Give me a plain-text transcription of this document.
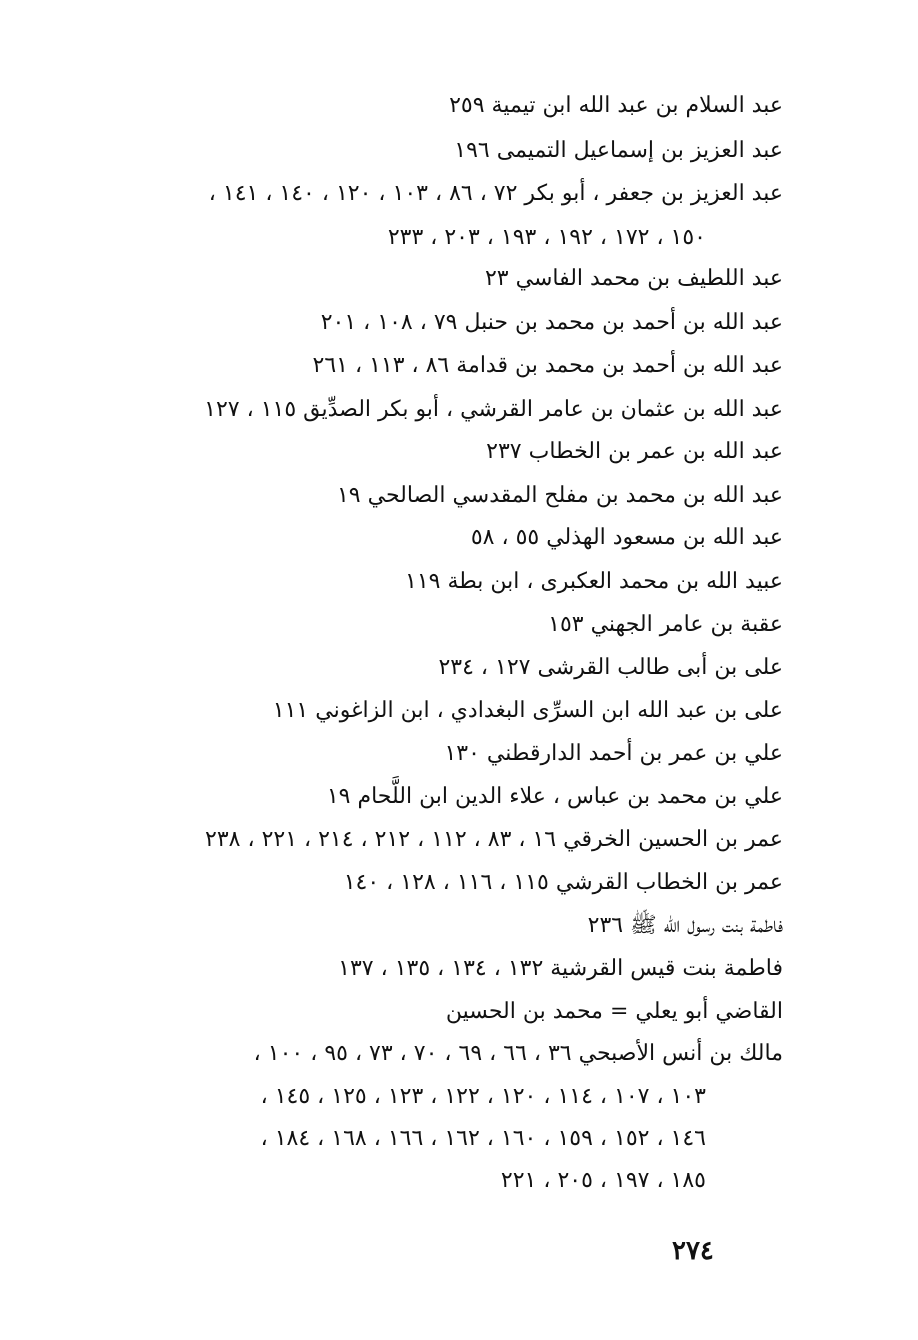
عبد السلام بن عبد الله ابن تيمية ٢٥٩
عبد العزيز بن إسماعيل التميمى ١٩٦
عبد العزيز بن جعفر ، أبو بكر ٧٢ ، ٨٦ ، ١٠٣ ، ١٢٠ ، ١٤٠ ، ١٤١ ،
١٥٠ ، ١٧٢ ، ١٩٢ ، ١٩٣ ، ٢٠٣ ، ٢٣٣
عبد اللطيف بن محمد الفاسي ٢٣
عبد الله بن أحمد بن محمد بن حنبل ٧٩ ، ١٠٨ ، ٢٠١
عبد الله بن أحمد بن محمد بن قدامة ٨٦ ، ١١٣ ، ٢٦١
عبد الله بن عثمان بن عامر القرشي ، أبو بكر الصدِّيق ١١٥ ، ١٢٧
عبد الله بن عمر بن الخطاب ٢٣٧
عبد الله بن محمد بن مفلح المقدسي الصالحي ١٩
عبد الله بن مسعود الهذلي ٥٥ ، ٥٨
عبيد الله بن محمد العكبرى ، ابن بطة ١١٩
عقبة بن عامر الجهني ١٥٣
على بن أبى طالب القرشى ١٢٧ ، ٢٣٤
على بن عبد الله ابن السرِّى البغدادي ، ابن الزاغوني ١١١
علي بن عمر بن أحمد الدارقطني ١٣٠
علي بن محمد بن عباس ، علاء الدين ابن اللَّحام ١٩
عمر بن الحسين الخرقي ١٦ ، ٨٣ ، ١١٢ ، ٢١٢ ، ٢١٤ ، ٢٢١ ، ٢٣٨
عمر بن الخطاب القرشي ١١٥ ، ١١٦ ، ١٢٨ ، ١٤٠
فاطمة بنت رسول الله ﷺ ٢٣٦
فاطمة بنت قيس القرشية ١٣٢ ، ١٣٤ ، ١٣٥ ، ١٣٧
القاضي أبو يعلي = محمد بن الحسين
مالك بن أنس الأصبحي ٣٦ ، ٦٦ ، ٦٩ ، ٧٠ ، ٧٣ ، ٩٥ ، ١٠٠ ،
١٠٣ ، ١٠٧ ، ١١٤ ، ١٢٠ ، ١٢٢ ، ١٢٣ ، ١٢٥ ، ١٤٥ ،
١٤٦ ، ١٥٢ ، ١٥٩ ، ١٦٠ ، ١٦٢ ، ١٦٦ ، ١٦٨ ، ١٨٤ ،
١٨٥ ، ١٩٧ ، ٢٠٥ ، ٢٢١
٢٧٤
